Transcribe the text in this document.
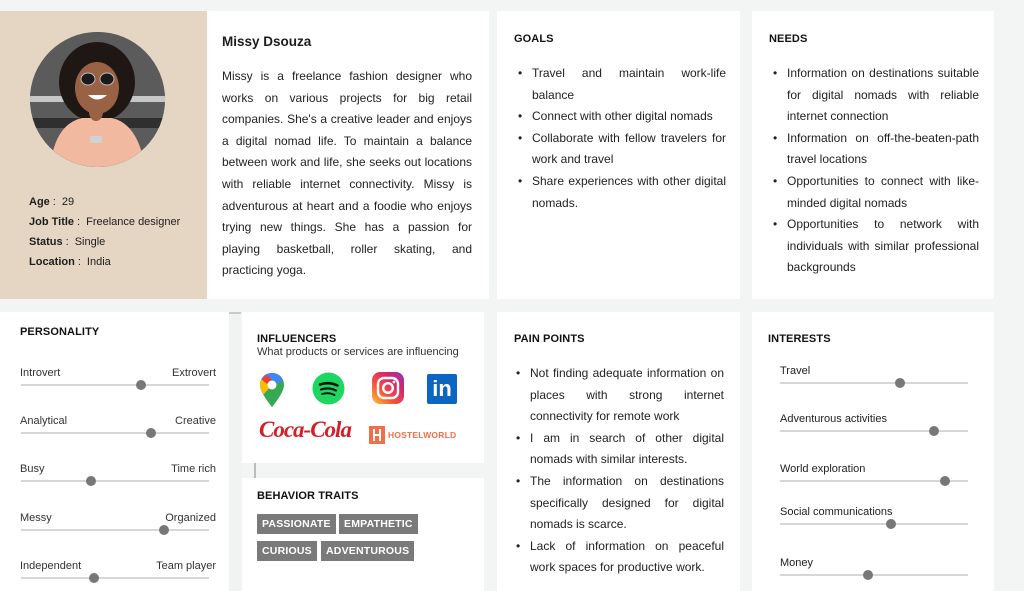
Age : 29
Job Title : Freelance designer
Status : Single
Location : India
Missy Dsouza
Missy is a freelance fashion designer who works on various projects for big retail companies. She's a creative leader and enjoys a digital nomad life. To maintain a balance between work and life, she seeks out locations with reliable internet connectivity. Missy is adventurous at heart and a foodie who enjoys trying new things. She has a passion for playing basketball, roller skating, and practicing yoga.
GOALS
• Travel and maintain work-life balance
• Connect with other digital nomads
• Collaborate with fellow travelers for work and travel
• Share experiences with other digital nomads.
NEEDS
• Information on destinations suitable for digital nomads with reliable internet connection
• Information on off-the-beaten-path travel locations
• Opportunities to connect with like-minded digital nomads
• Opportunities to network with individuals with similar professional backgrounds
PERSONALITY
Introvert	Extrovert
Analytical	Creative
Busy	Time rich
Messy	Organized
Independent	Team player
INFLUENCERS
What products or services are influencing
in
Coca-Cola	HOSTELWORLD
BEHAVIOR TRAITS
PASSIONATE	EMPATHETIC
CURIOUS	ADVENTUROUS
PAIN POINTS
• Not finding adequate information on places with strong internet connectivity for remote work
• I am in search of other digital nomads with similar interests.
• The information on destinations specifically designed for digital nomads is scarce.
• Lack of information on peaceful work spaces for productive work.
INTERESTS
Travel
Adventurous activities
World exploration
Social communications
Money
